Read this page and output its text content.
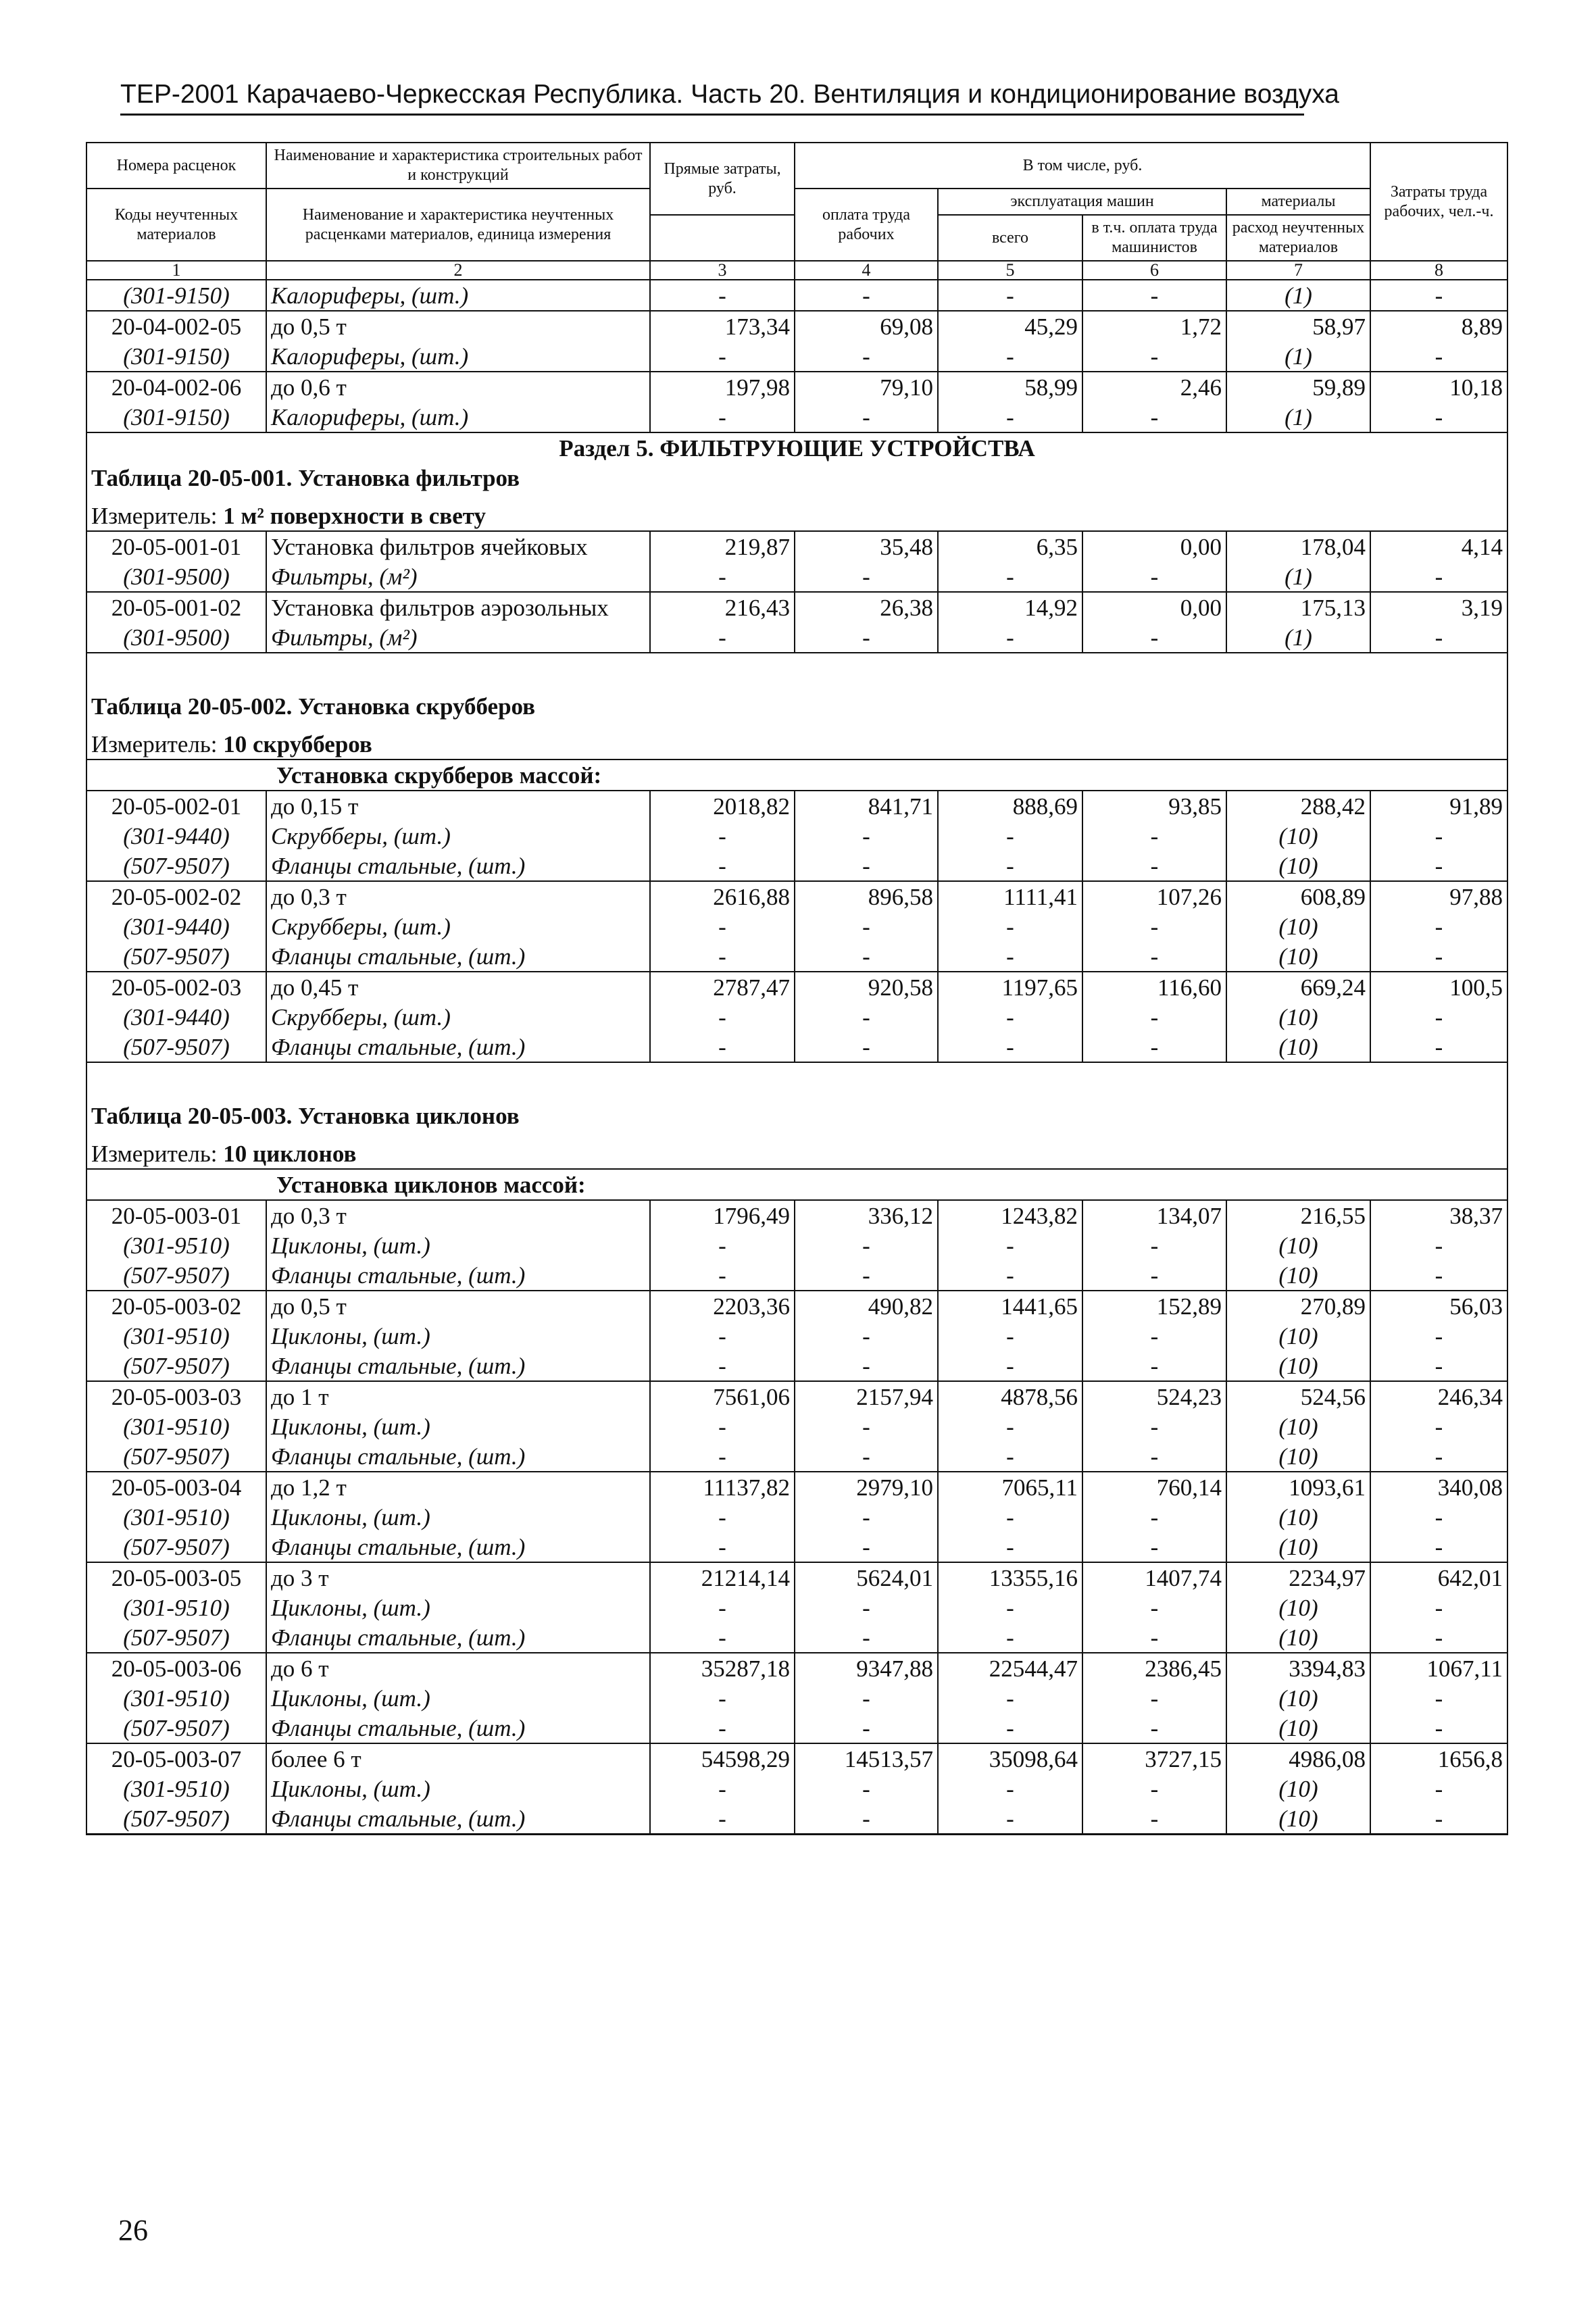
ТЕР-2001 Карачаево-Черкесская Республика. Часть 20. Вентиляция и кондиционирование воздуха
Номера расценок	Наименование и характеристика строительных работ и конструкций	Прямые затраты, руб.	В том числе, руб.				Затраты труда рабочих, чел.-ч.
Коды неучтенных материалов	Наименование и характеристика неучтенных расценками материалов, единица измерения		оплата труда рабочих	эксплуатация машин		материалы	
				всего	в т.ч. оплата труда машинистов	расход неучтенных материалов	

1	2	3	4	5	6	7	8
(301-9150)	Калориферы, (шт.)	-	-	-	-	(1)	-
20-04-002-05	до 0,5 т	173,34	69,08	45,29	1,72	58,97	8,89
(301-9150)	Калориферы, (шт.)	-	-	-	-	(1)	-
20-04-002-06	до 0,6 т	197,98	79,10	58,99	2,46	59,89	10,18
(301-9150)	Калориферы, (шт.)	-	-	-	-	(1)	-
Раздел 5. ФИЛЬТРУЮЩИЕ УСТРОЙСТВА							
Таблица 20-05-001. Установка фильтров							
Измеритель: 1 м² поверхности в свету							
20-05-001-01	Установка фильтров ячейковых	219,87	35,48	6,35	0,00	178,04	4,14
(301-9500)	Фильтры, (м²)	-	-	-	-	(1)	-
20-05-001-02	Установка фильтров аэрозольных	216,43	26,38	14,92	0,00	175,13	3,19
(301-9500)	Фильтры, (м²)	-	-	-	-	(1)	-
Таблица 20-05-002. Установка скрубберов							
Измеритель: 10 скрубберов							
Установка скрубберов массой:							
20-05-002-01	до 0,15 т	2018,82	841,71	888,69	93,85	288,42	91,89
(301-9440)	Скрубберы, (шт.)	-	-	-	-	(10)	-
(507-9507)	Фланцы стальные, (шт.)	-	-	-	-	(10)	-
20-05-002-02	до 0,3 т	2616,88	896,58	1111,41	107,26	608,89	97,88
(301-9440)	Скрубберы, (шт.)	-	-	-	-	(10)	-
(507-9507)	Фланцы стальные, (шт.)	-	-	-	-	(10)	-
20-05-002-03	до 0,45 т	2787,47	920,58	1197,65	116,60	669,24	100,5
(301-9440)	Скрубберы, (шт.)	-	-	-	-	(10)	-
(507-9507)	Фланцы стальные, (шт.)	-	-	-	-	(10)	-
Таблица 20-05-003. Установка циклонов							
Измеритель: 10 циклонов							
Установка циклонов массой:							
20-05-003-01	до 0,3 т	1796,49	336,12	1243,82	134,07	216,55	38,37
(301-9510)	Циклоны, (шт.)	-	-	-	-	(10)	-
(507-9507)	Фланцы стальные, (шт.)	-	-	-	-	(10)	-
20-05-003-02	до 0,5 т	2203,36	490,82	1441,65	152,89	270,89	56,03
(301-9510)	Циклоны, (шт.)	-	-	-	-	(10)	-
(507-9507)	Фланцы стальные, (шт.)	-	-	-	-	(10)	-
20-05-003-03	до 1 т	7561,06	2157,94	4878,56	524,23	524,56	246,34
(301-9510)	Циклоны, (шт.)	-	-	-	-	(10)	-
(507-9507)	Фланцы стальные, (шт.)	-	-	-	-	(10)	-
20-05-003-04	до 1,2 т	11137,82	2979,10	7065,11	760,14	1093,61	340,08
(301-9510)	Циклоны, (шт.)	-	-	-	-	(10)	-
(507-9507)	Фланцы стальные, (шт.)	-	-	-	-	(10)	-
20-05-003-05	до 3 т	21214,14	5624,01	13355,16	1407,74	2234,97	642,01
(301-9510)	Циклоны, (шт.)	-	-	-	-	(10)	-
(507-9507)	Фланцы стальные, (шт.)	-	-	-	-	(10)	-
20-05-003-06	до 6 т	35287,18	9347,88	22544,47	2386,45	3394,83	1067,11
(301-9510)	Циклоны, (шт.)	-	-	-	-	(10)	-
(507-9507)	Фланцы стальные, (шт.)	-	-	-	-	(10)	-
20-05-003-07	более 6 т	54598,29	14513,57	35098,64	3727,15	4986,08	1656,8
(301-9510)	Циклоны, (шт.)	-	-	-	-	(10)	-
(507-9507)	Фланцы стальные, (шт.)	-	-	-	-	(10)	-
26
